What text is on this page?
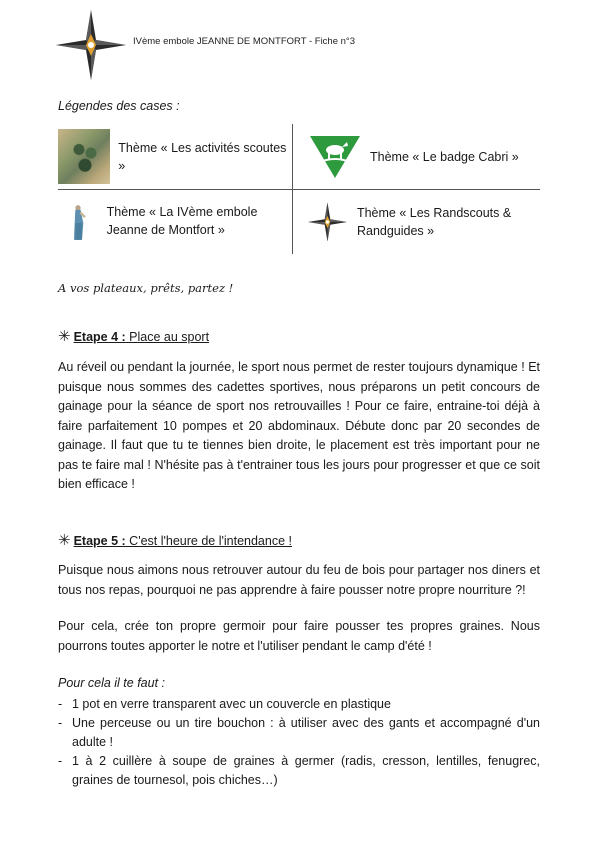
IVème embole JEANNE DE MONTFORT - Fiche n°3
Légendes des cases :
Thème « Les activités scoutes »
Thème « Le badge Cabri »
Thème « La IVème embole Jeanne de Montfort »
Thème « Les Randscouts & Randguides »
A vos plateaux, prêts, partez !
✳ Etape 4 : Place au sport

Au réveil ou pendant la journée, le sport nous permet de rester toujours dynamique ! Et puisque nous sommes des cadettes sportives, nous préparons un petit concours de gainage pour la séance de sport nos retrouvailles ! Pour ce faire, entraine-toi déjà à faire parfaitement 10 pompes et 20 abdominaux. Débute donc par 20 secondes de gainage. Il faut que tu te tiennes bien droite, le placement est très important pour ne pas te faire mal ! N'hésite pas à t'entrainer tous les jours pour progresser et que ce soit bien efficace !

✳ Etape 5 : C'est l'heure de l'intendance !

Puisque nous aimons nous retrouver autour du feu de bois pour partager nos diners et tous nos repas, pourquoi ne pas apprendre à faire pousser notre propre nourriture ?!

Pour cela, crée ton propre germoir pour faire pousser tes propres graines. Nous pourrons toutes apporter le notre et l'utiliser pendant le camp d'été !

Pour cela il te faut :
- 1 pot en verre transparent avec un couvercle en plastique
- Une perceuse ou un tire bouchon : à utiliser avec des gants et accompagné d'un adulte !
- 1 à 2 cuillère à soupe de graines à germer (radis, cresson, lentilles, fenugrec, graines de tournesol, pois chiches…)
